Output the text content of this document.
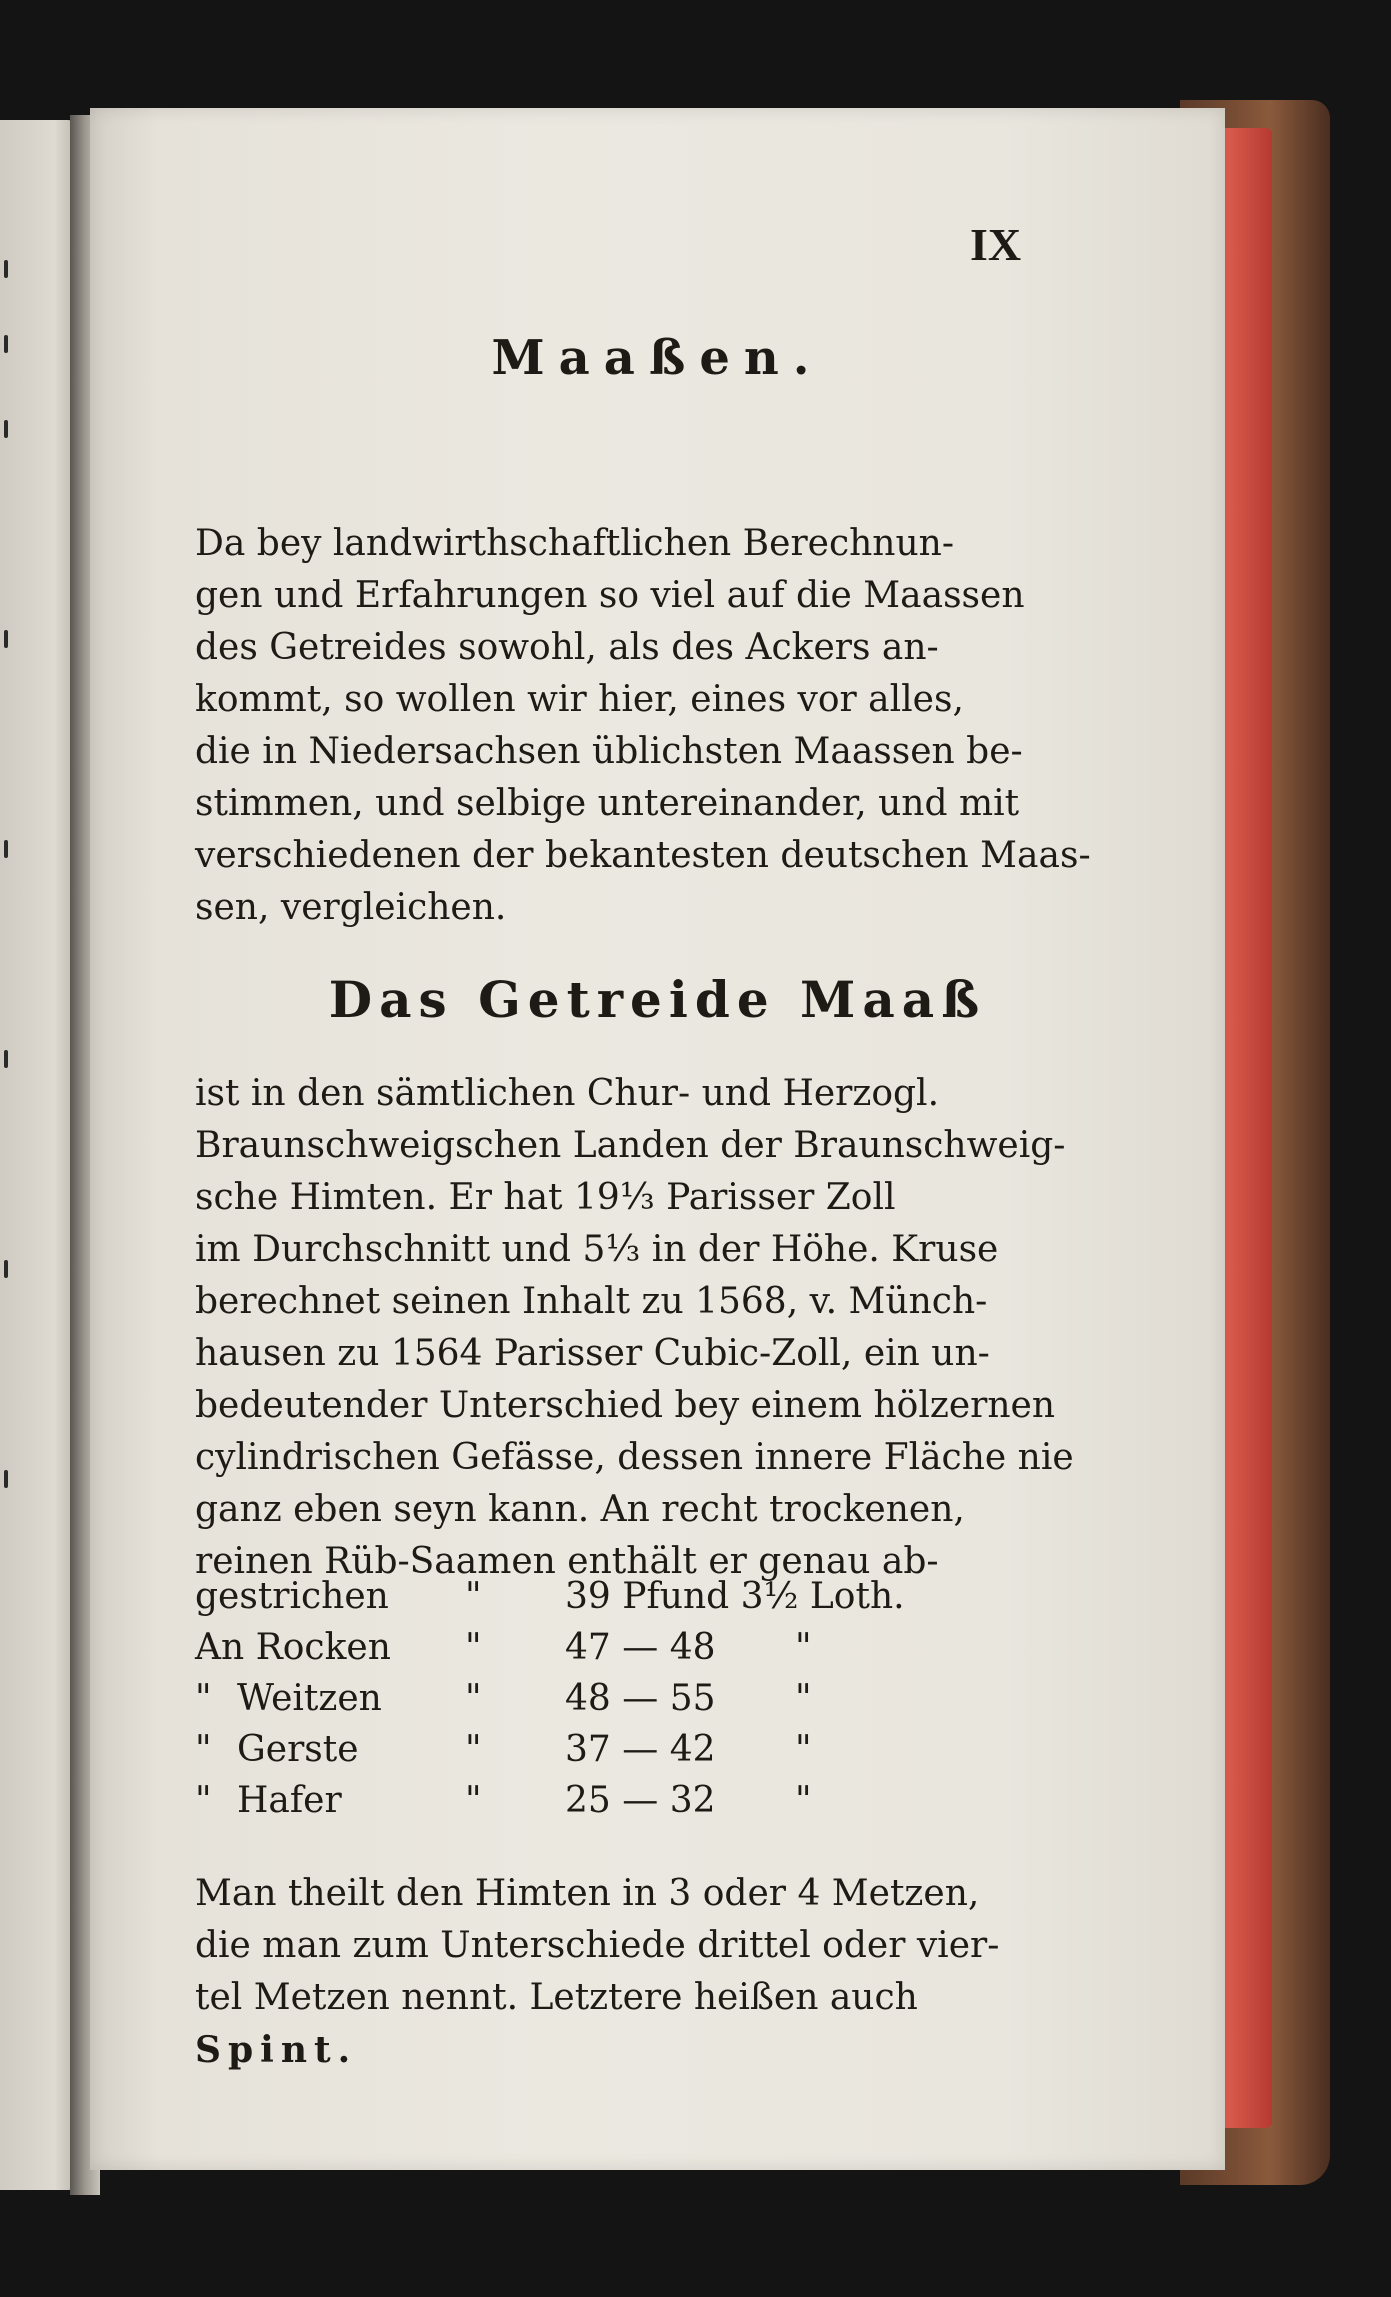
IX
Maaßen.
Da bey landwirthschaftlichen Berechnun-
gen und Erfahrungen so viel auf die Maassen
des Getreides sowohl, als des Ackers an-
kommt, so wollen wir hier, eines vor alles,
die in Niedersachsen üblichsten Maassen be-
stimmen, und selbige untereinander, und mit
verschiedenen der bekantesten deutschen Maas-
sen, vergleichen.
Das Getreide Maaß
ist in den sämtlichen Chur- und Herzogl.
Braunschweigschen Landen der Braunschweig-
sche Himten. Er hat 19⅓ Parisser Zoll
im Durchschnitt und 5⅓ in der Höhe. Kruse
berechnet seinen Inhalt zu 1568, v. Münch-
hausen zu 1564 Parisser Cubic-Zoll, ein un-
bedeutender Unterschied bey einem hölzernen
cylindrischen Gefässe, dessen innere Fläche nie
ganz eben seyn kann. An recht trockenen,
reinen Rüb-Saamen enthält er genau ab-
gestrichen " 39 Pfund 3½ Loth.
An Rocken " 47 — 48 "
" Weitzen " 48 — 55 "
" Gerste	" 37 — 42 "
" Hafer	" 25 — 32 "
Man theilt den Himten in 3 oder 4 Metzen,
die man zum Unterschiede drittel oder vier-
tel Metzen nennt. Letztere heißen auch
Spint.
